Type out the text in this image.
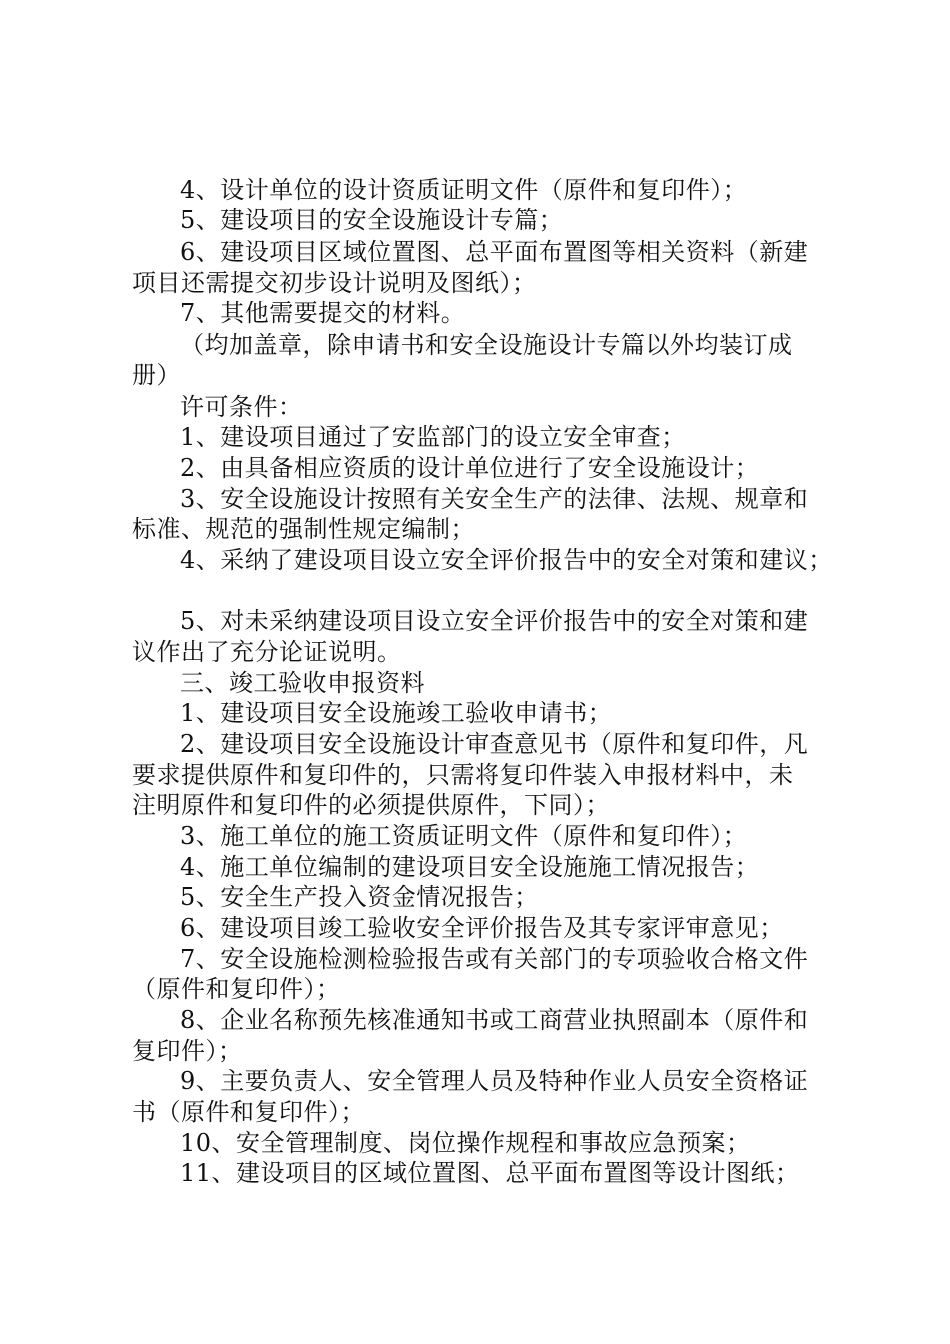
4、设计单位的设计资质证明文件（原件和复印件）；
5、建设项目的安全设施设计专篇；
6、建设项目区域位置图、总平面布置图等相关资料（新建
项目还需提交初步设计说明及图纸）；
7、其他需要提交的材料。
（均加盖章，除申请书和安全设施设计专篇以外均装订成
册）
许可条件：
1、建设项目通过了安监部门的设立安全审查；
2、由具备相应资质的设计单位进行了安全设施设计；
3、安全设施设计按照有关安全生产的法律、法规、规章和
标准、规范的强制性规定编制；
4、采纳了建设项目设立安全评价报告中的安全对策和建议；
5、对未采纳建设项目设立安全评价报告中的安全对策和建
议作出了充分论证说明。
三、竣工验收申报资料
1、建设项目安全设施竣工验收申请书；
2、建设项目安全设施设计审查意见书（原件和复印件，凡
要求提供原件和复印件的，只需将复印件装入申报材料中，未
注明原件和复印件的必须提供原件，下同）；
3、施工单位的施工资质证明文件（原件和复印件）；
4、施工单位编制的建设项目安全设施施工情况报告；
5、安全生产投入资金情况报告；
6、建设项目竣工验收安全评价报告及其专家评审意见；
7、安全设施检测检验报告或有关部门的专项验收合格文件
（原件和复印件）；
8、企业名称预先核准通知书或工商营业执照副本（原件和
复印件）；
9、主要负责人、安全管理人员及特种作业人员安全资格证
书（原件和复印件）；
10、安全管理制度、岗位操作规程和事故应急预案；
11、建设项目的区域位置图、总平面布置图等设计图纸；
